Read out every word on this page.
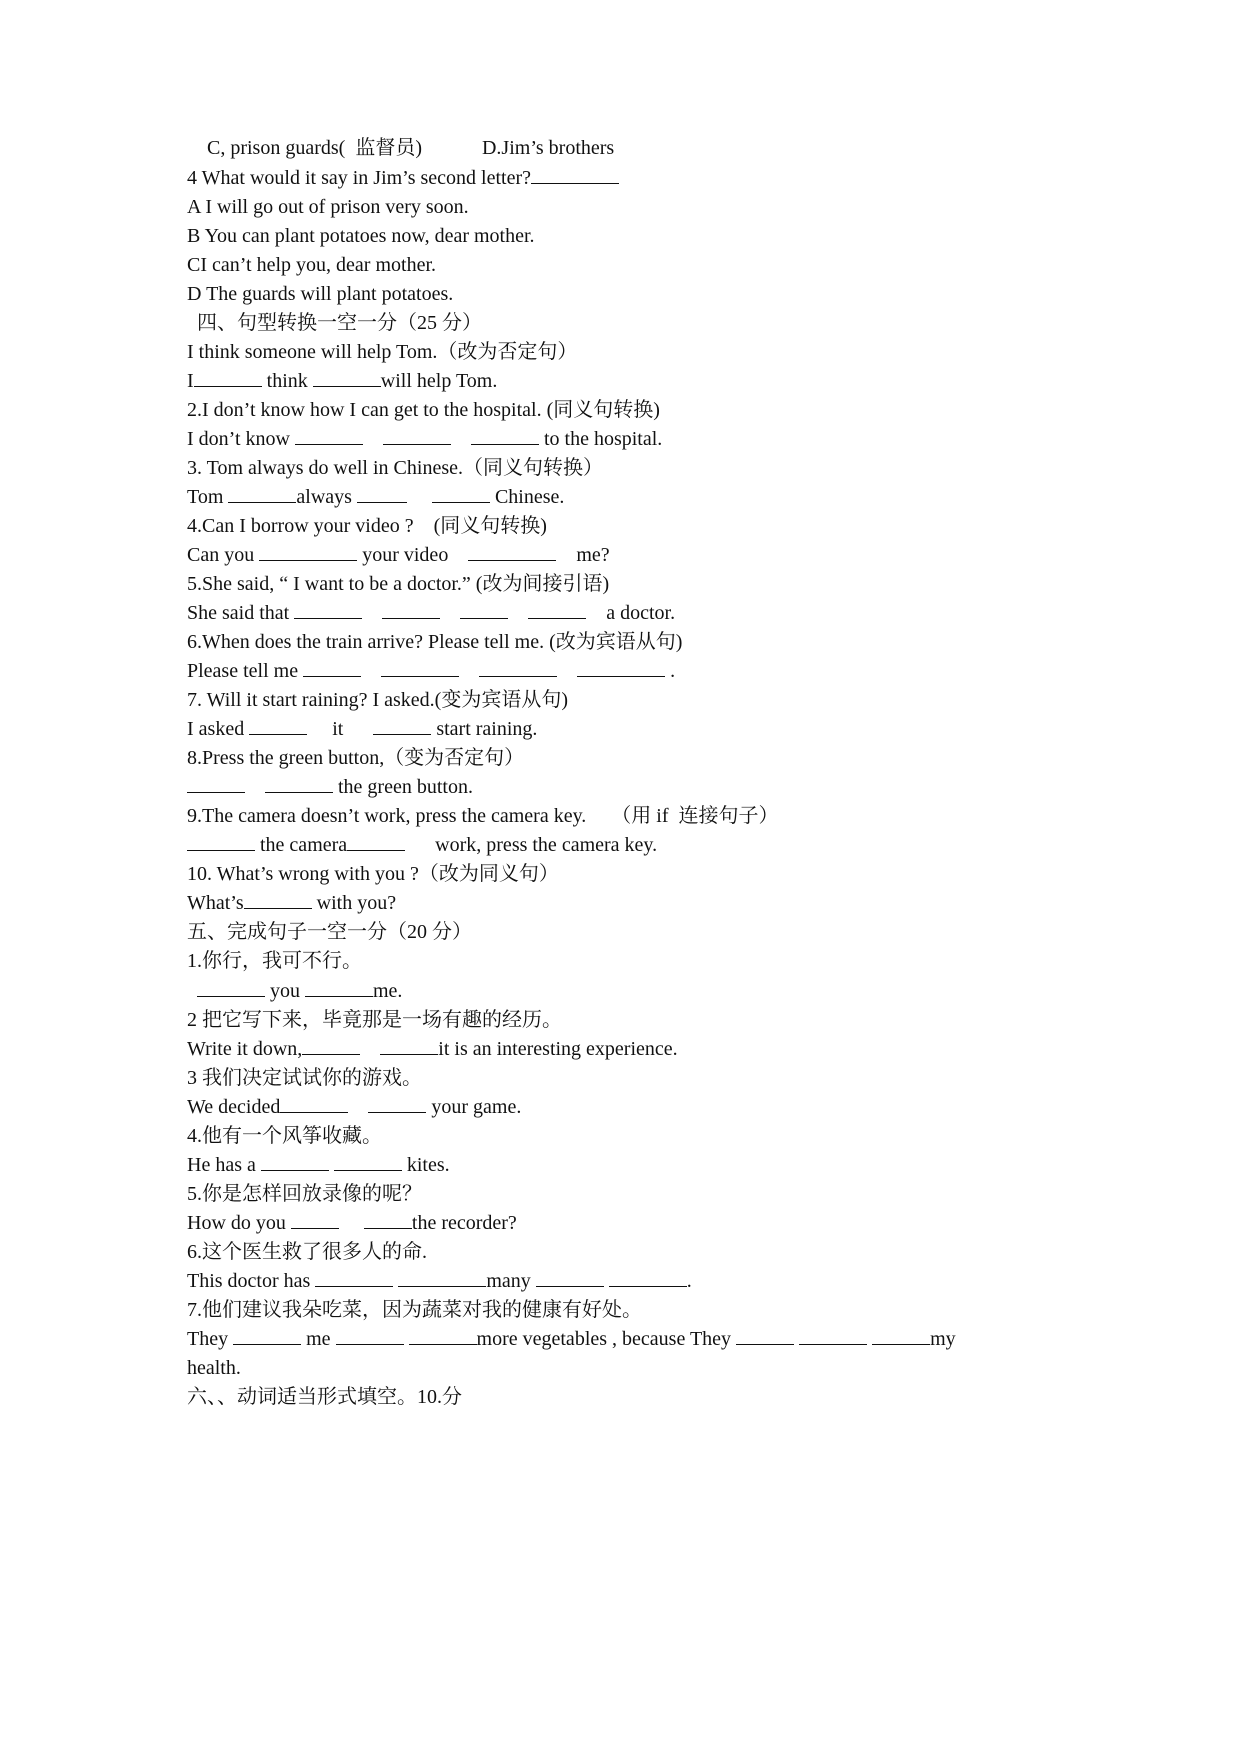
C, prison guards(  监督员)	D.Jim’s brothers
4 What would it say in Jim’s second letter?
A I will go out of prison very soon.
B You can plant potatoes now, dear mother.
CI can’t help you, dear mother.
D The guards will plant potatoes.
四、句型转换一空一分（25 分）
I think someone will help Tom.（改为否定句）
I	think	will help Tom.
2.I don’t know how I can get to the hospital. (同义句转换)
I don’t know	to the hospital.
3. Tom always do well in Chinese.（同义句转换）
Tom	always	Chinese.
4.Can I borrow your video ?    (同义句转换)
Can you	your video	me?
5.She said, “ I want to be a doctor.” (改为间接引语)
She said that	a doctor.
6.When does the train arrive? Please tell me. (改为宾语从句)
Please tell me	.
7. Will it start raining? I asked.(变为宾语从句)
I asked	it	start raining.
8.Press the green button,（变为否定句）
the green button.
9.The camera doesn’t work, press the camera key.     （用 if  连接句子）
the camera	work, press the camera key.
10. What’s wrong with you ?（改为同义句）
What’s	with you?
五、完成句子一空一分（20 分）
1.你行，我可不行。
you	me.
2 把它写下来，毕竟那是一场有趣的经历。
Write it down,	it is an interesting experience.
3 我们决定试试你的游戏。
We decided	your game.
4.他有一个风筝收藏。
He has a	kites.
5.你是怎样回放录像的呢？
How do you	the recorder?
6.这个医生救了很多人的命.
This doctor has	many	.
7.他们建议我朵吃菜，因为蔬菜对我的健康有好处。
They	me	more vegetables , because They	my
health.
六、、动词适当形式填空。10.分
